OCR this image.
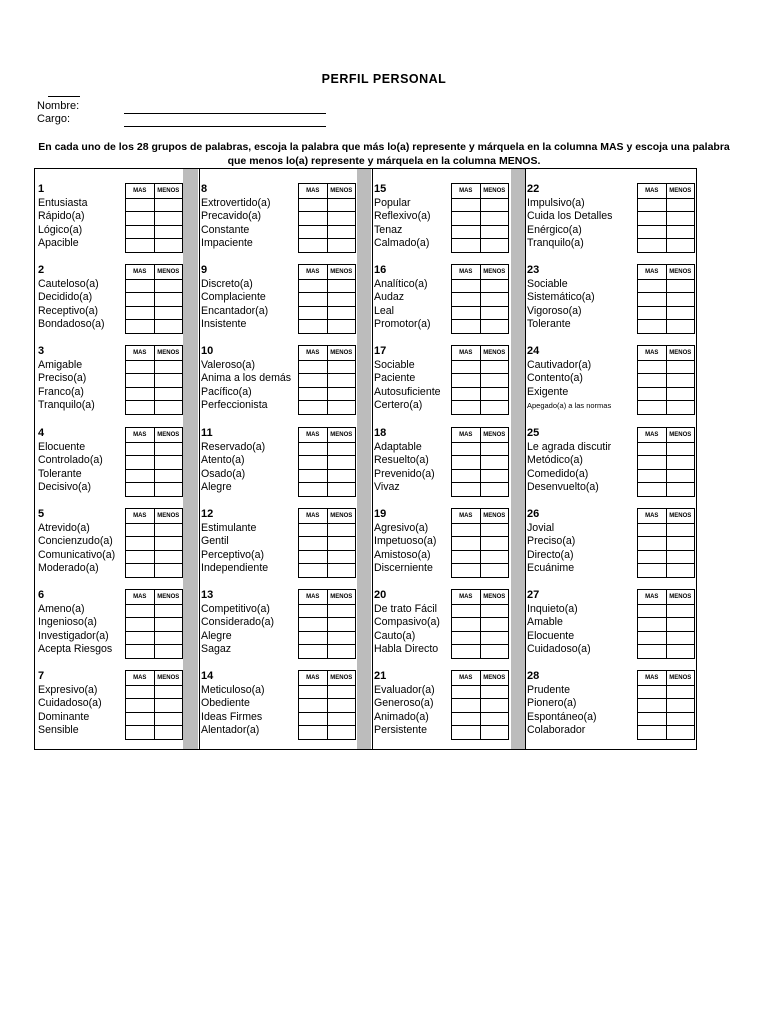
PERFIL PERSONAL
Nombre:
Cargo:
En cada uno de los 28 grupos de palabras, escoja la palabra que más lo(a) represente y márquela en la columna MAS y escoja una palabra que menos lo(a) represente y márquela en la columna MENOS.
1
Entusiasta
Rápido(a)
Lógico(a)
Apacible
MAS	MENOS
2
Cauteloso(a)
Decidido(a)
Receptivo(a)
Bondadoso(a)
MAS	MENOS
3
Amigable
Preciso(a)
Franco(a)
Tranquilo(a)
MAS	MENOS
4
Elocuente
Controlado(a)
Tolerante
Decisivo(a)
MAS	MENOS
5
Atrevido(a)
Concienzudo(a)
Comunicativo(a)
Moderado(a)
MAS	MENOS
6
Ameno(a)
Ingenioso(a)
Investigador(a)
Acepta Riesgos
MAS	MENOS
7
Expresivo(a)
Cuidadoso(a)
Dominante
Sensible
MAS	MENOS
8
Extrovertido(a)
Precavido(a)
Constante
Impaciente
MAS	MENOS
9
Discreto(a)
Complaciente
Encantador(a)
Insistente
MAS	MENOS
10
Valeroso(a)
Anima a los demás
Pacífico(a)
Perfeccionista
MAS	MENOS
11
Reservado(a)
Atento(a)
Osado(a)
Alegre
MAS	MENOS
12
Estimulante
Gentil
Perceptivo(a)
Independiente
MAS	MENOS
13
Competitivo(a)
Considerado(a)
Alegre
Sagaz
MAS	MENOS
14
Meticuloso(a)
Obediente
Ideas Firmes
Alentador(a)
MAS	MENOS
15
Popular
Reflexivo(a)
Tenaz
Calmado(a)
MAS	MENOS
16
Analítico(a)
Audaz
Leal
Promotor(a)
MAS	MENOS
17
Sociable
Paciente
Autosuficiente
Certero(a)
MAS	MENOS
18
Adaptable
Resuelto(a)
Prevenido(a)
Vivaz
MAS	MENOS
19
Agresivo(a)
Impetuoso(a)
Amistoso(a)
Discerniente
MAS	MENOS
20
De trato Fácil
Compasivo(a)
Cauto(a)
Habla Directo
MAS	MENOS
21
Evaluador(a)
Generoso(a)
Animado(a)
Persistente
MAS	MENOS
22
Impulsivo(a)
Cuida los Detalles
Enérgico(a)
Tranquilo(a)
MAS	MENOS
23
Sociable
Sistemático(a)
Vigoroso(a)
Tolerante
MAS	MENOS
24
Cautivador(a)
Contento(a)
Exigente
Apegado(a) a las normas
MAS	MENOS
25
Le agrada discutir
Metódico(a)
Comedido(a)
Desenvuelto(a)
MAS	MENOS
26
Jovial
Preciso(a)
Directo(a)
Ecuánime
MAS	MENOS
27
Inquieto(a)
Amable
Elocuente
Cuidadoso(a)
MAS	MENOS
28
Prudente
Pionero(a)
Espontáneo(a)
Colaborador
MAS	MENOS
